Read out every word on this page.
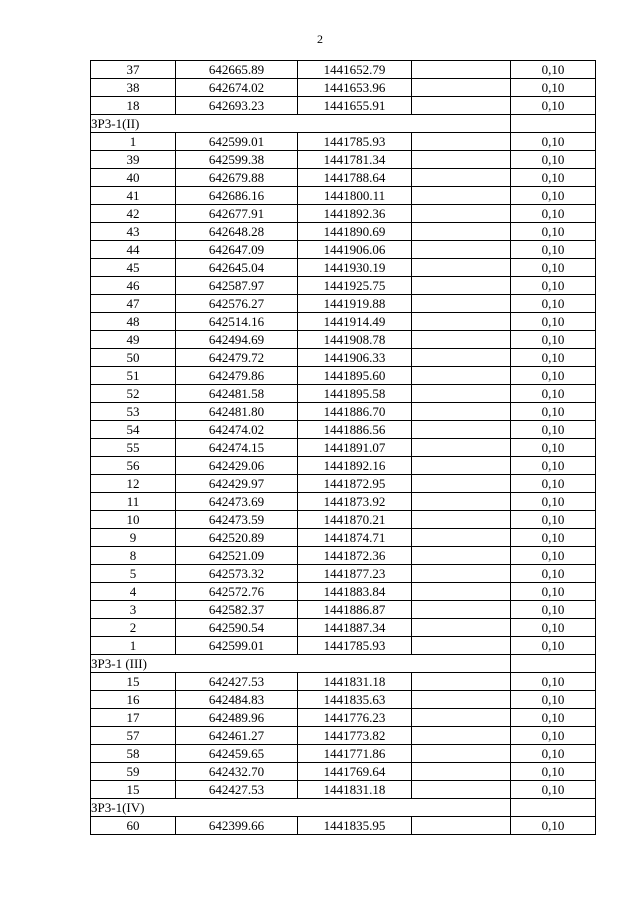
2
37	642665.89	1441652.79		0,10
38	642674.02	1441653.96		0,10
18	642693.23	1441655.91		0,10
ЗР3-1(II)				
1	642599.01	1441785.93		0,10
39	642599.38	1441781.34		0,10
40	642679.88	1441788.64		0,10
41	642686.16	1441800.11		0,10
42	642677.91	1441892.36		0,10
43	642648.28	1441890.69		0,10
44	642647.09	1441906.06		0,10
45	642645.04	1441930.19		0,10
46	642587.97	1441925.75		0,10
47	642576.27	1441919.88		0,10
48	642514.16	1441914.49		0,10
49	642494.69	1441908.78		0,10
50	642479.72	1441906.33		0,10
51	642479.86	1441895.60		0,10
52	642481.58	1441895.58		0,10
53	642481.80	1441886.70		0,10
54	642474.02	1441886.56		0,10
55	642474.15	1441891.07		0,10
56	642429.06	1441892.16		0,10
12	642429.97	1441872.95		0,10
11	642473.69	1441873.92		0,10
10	642473.59	1441870.21		0,10
9	642520.89	1441874.71		0,10
8	642521.09	1441872.36		0,10
5	642573.32	1441877.23		0,10
4	642572.76	1441883.84		0,10
3	642582.37	1441886.87		0,10
2	642590.54	1441887.34		0,10
1	642599.01	1441785.93		0,10
ЗР3-1 (III)				
15	642427.53	1441831.18		0,10
16	642484.83	1441835.63		0,10
17	642489.96	1441776.23		0,10
57	642461.27	1441773.82		0,10
58	642459.65	1441771.86		0,10
59	642432.70	1441769.64		0,10
15	642427.53	1441831.18		0,10
ЗР3-1(IV)				
60	642399.66	1441835.95		0,10
